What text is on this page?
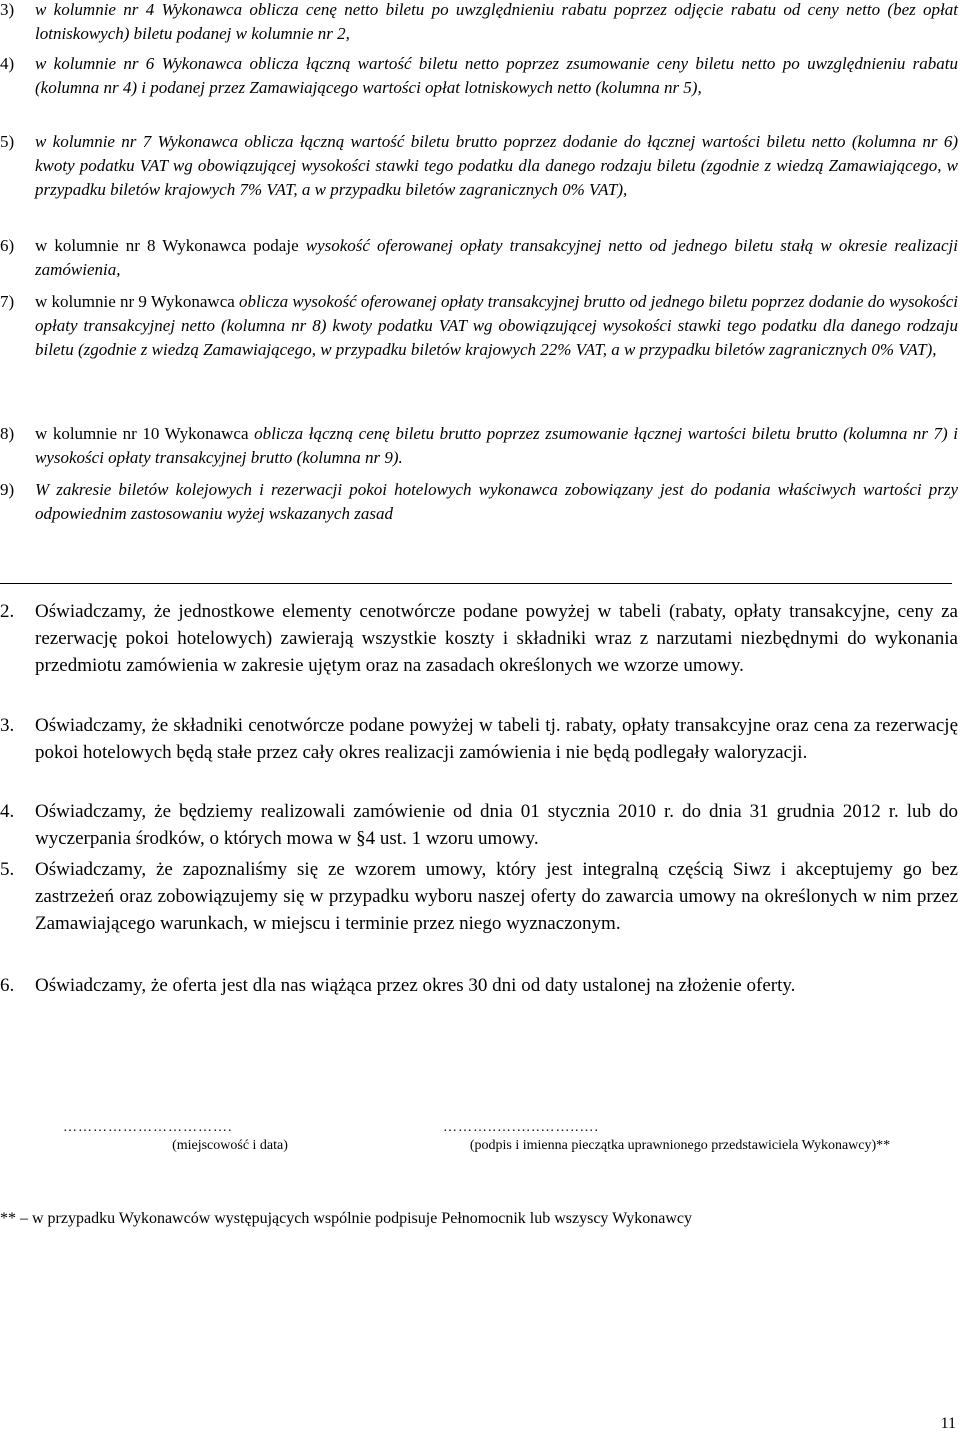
3) w kolumnie nr 4 Wykonawca oblicza cenę netto biletu po uwzględnieniu rabatu poprzez odjęcie rabatu od ceny netto (bez opłat lotniskowych) biletu podanej w kolumnie nr 2,
4) w kolumnie nr 6 Wykonawca oblicza łączną wartość biletu netto poprzez zsumowanie ceny biletu netto po uwzględnieniu rabatu (kolumna nr 4) i podanej przez Zamawiającego wartości opłat lotniskowych netto (kolumna nr 5),
5) w kolumnie nr 7 Wykonawca oblicza łączną wartość biletu brutto poprzez dodanie do łącznej wartości biletu netto (kolumna nr 6) kwoty podatku VAT wg obowiązującej wysokości stawki tego podatku dla danego rodzaju biletu (zgodnie z wiedzą Zamawiającego, w przypadku biletów krajowych 7% VAT, a w przypadku biletów zagranicznych 0% VAT),
6) w kolumnie nr 8 Wykonawca podaje wysokość oferowanej opłaty transakcyjnej netto od jednego biletu stałą w okresie realizacji zamówienia,
7) w kolumnie nr 9 Wykonawca oblicza wysokość oferowanej opłaty transakcyjnej brutto od jednego biletu poprzez dodanie do wysokości opłaty transakcyjnej netto (kolumna nr 8) kwoty podatku VAT wg obowiązującej wysokości stawki tego podatku dla danego rodzaju biletu (zgodnie z wiedzą Zamawiającego, w przypadku biletów krajowych 22% VAT, a w przypadku biletów zagranicznych 0% VAT),
8) w kolumnie nr 10 Wykonawca oblicza łączną cenę biletu brutto poprzez zsumowanie łącznej wartości biletu brutto (kolumna nr 7) i wysokości opłaty transakcyjnej brutto (kolumna nr 9).
9) W zakresie biletów kolejowych i rezerwacji pokoi hotelowych wykonawca zobowiązany jest do podania właściwych wartości przy odpowiednim zastosowaniu wyżej wskazanych zasad
2. Oświadczamy, że jednostkowe elementy cenotwórcze podane powyżej w tabeli (rabaty, opłaty transakcyjne, ceny za rezerwację pokoi hotelowych) zawierają wszystkie koszty i składniki wraz z narzutami niezbędnymi do wykonania przedmiotu zamówienia w zakresie ujętym oraz na zasadach określonych we wzorze umowy.
3. Oświadczamy, że składniki cenotwórcze podane powyżej w tabeli tj. rabaty, opłaty transakcyjne oraz cena za rezerwację pokoi hotelowych będą stałe przez cały okres realizacji zamówienia i nie będą podlegały waloryzacji.
4. Oświadczamy, że będziemy realizowali zamówienie od dnia 01 stycznia 2010 r. do dnia 31 grudnia 2012 r. lub do wyczerpania środków, o których mowa w §4 ust. 1 wzoru umowy.
5. Oświadczamy, że zapoznaliśmy się ze wzorem umowy, który jest integralną częścią Siwz i akceptujemy go bez zastrzeżeń oraz zobowiązujemy się w przypadku wyboru naszej oferty do zawarcia umowy na określonych w nim przez Zamawiającego warunkach, w miejscu i terminie przez niego wyznaczonym.
6. Oświadczamy, że oferta jest dla nas wiążąca przez okres 30 dni od daty ustalonej na złożenie oferty.
…………………………….
(miejscowość i data)
………..….…..……..….
(podpis i imienna pieczątka uprawnionego przedstawiciela Wykonawcy)**
** – w przypadku Wykonawców występujących wspólnie podpisuje Pełnomocnik lub wszyscy Wykonawcy
11
